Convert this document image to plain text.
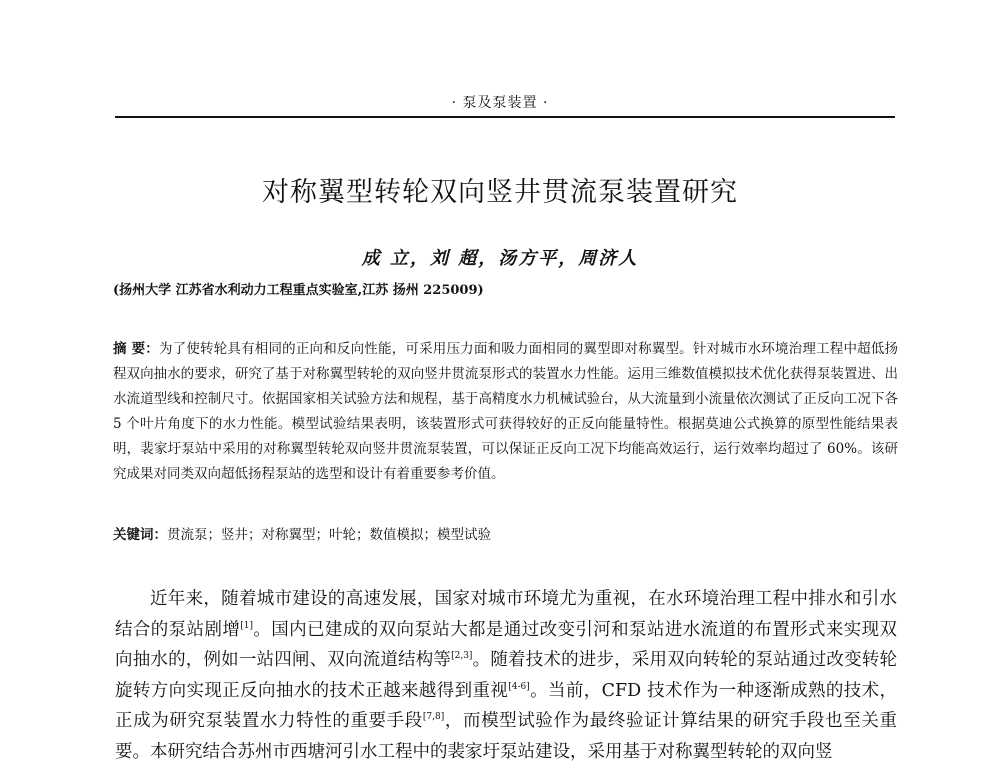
· 泵及泵装置 ·
对称翼型转轮双向竖井贯流泵装置研究
成 立，刘 超，汤方平，周济人
(扬州大学 江苏省水利动力工程重点实验室,江苏 扬州 225009)
摘 要：为了使转轮具有相同的正向和反向性能，可采用压力面和吸力面相同的翼型即对称翼型。针对城市水环境治理工程中超低扬程双向抽水的要求，研究了基于对称翼型转轮的双向竖井贯流泵形式的装置水力性能。运用三维数值模拟技术优化获得泵装置进、出水流道型线和控制尺寸。依据国家相关试验方法和规程，基于高精度水力机械试验台，从大流量到小流量依次测试了正反向工况下各 5 个叶片角度下的水力性能。模型试验结果表明，该装置形式可获得较好的正反向能量特性。根据莫迪公式换算的原型性能结果表明，裴家圩泵站中采用的对称翼型转轮双向竖井贯流泵装置，可以保证正反向工况下均能高效运行，运行效率均超过了 60%。该研究成果对同类双向超低扬程泵站的选型和设计有着重要参考价值。
关键词：贯流泵；竖井；对称翼型；叶轮；数值模拟；模型试验
近年来，随着城市建设的高速发展，国家对城市环境尤为重视，在水环境治理工程中排水和引水结合的泵站剧增[1]。国内已建成的双向泵站大都是通过改变引河和泵站进水流道的布置形式来实现双向抽水的，例如一站四闸、双向流道结构等[2,3]。随着技术的进步，采用双向转轮的泵站通过改变转轮旋转方向实现正反向抽水的技术正越来越得到重视[4-6]。当前，CFD 技术作为一种逐渐成熟的技术，正成为研究泵装置水力特性的重要手段[7,8]，而模型试验作为最终验证计算结果的研究手段也至关重要。本研究结合苏州市西塘河引水工程中的裴家圩泵站建设，采用基于对称翼型转轮的双向竖
